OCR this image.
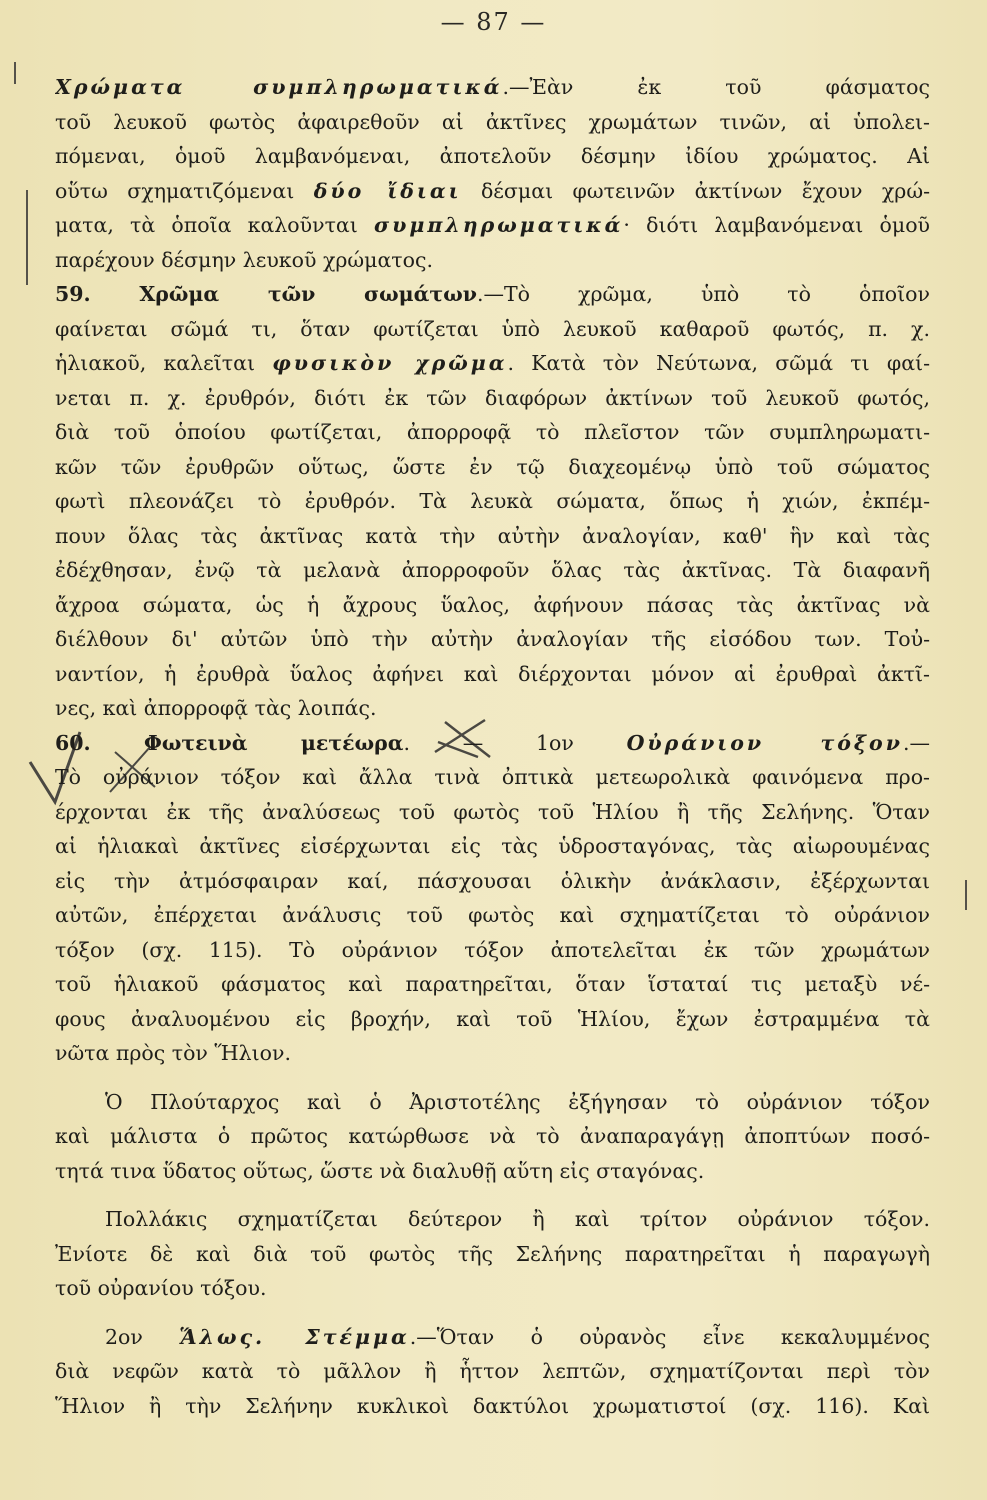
— 87 —
Χρώματα συμπληρωματικά.—Ἐὰν ἐκ τοῦ φάσματος
τοῦ λευκοῦ φωτὸς ἀφαιρεθοῦν αἱ ἀκτῖνες χρωμάτων τινῶν, αἱ ὑπολει-
πόμεναι, ὁμοῦ λαμβανόμεναι, ἀποτελοῦν δέσμην ἰδίου χρώματος. Αἱ
οὕτω σχηματιζόμεναι δύο ἴδιαι δέσμαι φωτεινῶν ἀκτίνων ἔχουν χρώ-
ματα, τὰ ὁποῖα καλοῦνται συμπληρωματικά· διότι λαμβανόμεναι ὁμοῦ
παρέχουν δέσμην λευκοῦ χρώματος.
59. Χρῶμα τῶν σωμάτων.—Τὸ χρῶμα, ὑπὸ τὸ ὁποῖον
φαίνεται σῶμά τι, ὅταν φωτίζεται ὑπὸ λευκοῦ καθαροῦ φωτός, π. χ.
ἡλιακοῦ, καλεῖται φυσικὸν χρῶμα. Κατὰ τὸν Νεύτωνα, σῶμά τι φαί-
νεται π. χ. ἐρυθρόν, διότι ἐκ τῶν διαφόρων ἀκτίνων τοῦ λευκοῦ φωτός,
διὰ τοῦ ὁποίου φωτίζεται, ἀπορροφᾷ τὸ πλεῖστον τῶν συμπληρωματι-
κῶν τῶν ἐρυθρῶν οὕτως, ὥστε ἐν τῷ διαχεομένῳ ὑπὸ τοῦ σώματος
φωτὶ πλεονάζει τὸ ἐρυθρόν. Τὰ λευκὰ σώματα, ὅπως ἡ χιών, ἐκπέμ-
πουν ὅλας τὰς ἀκτῖνας κατὰ τὴν αὐτὴν ἀναλογίαν, καθ' ἣν καὶ τὰς
ἐδέχθησαν, ἐνῷ τὰ μελανὰ ἀπορροφοῦν ὅλας τὰς ἀκτῖνας. Τὰ διαφανῆ
ἄχροα σώματα, ὡς ἡ ἄχρους ὕαλος, ἀφήνουν πάσας τὰς ἀκτῖνας νὰ
διέλθουν δι' αὐτῶν ὑπὸ τὴν αὐτὴν ἀναλογίαν τῆς εἰσόδου των. Τοὐ-
ναντίον, ἡ ἐρυθρὰ ὕαλος ἀφήνει καὶ διέρχονται μόνον αἱ ἐρυθραὶ ἀκτῖ-
νες, καὶ ἀπορροφᾷ τὰς λοιπάς.
60. Φωτεινὰ μετέωρα. — 1ον Οὐράνιον τόξον.—
Τὸ οὐράνιον τόξον καὶ ἄλλα τινὰ ὀπτικὰ μετεωρολικὰ φαινόμενα προ-
έρχονται ἐκ τῆς ἀναλύσεως τοῦ φωτὸς τοῦ Ἡλίου ἢ τῆς Σελήνης. Ὅταν
αἱ ἡλιακαὶ ἀκτῖνες εἰσέρχωνται εἰς τὰς ὑδροσταγόνας, τὰς αἰωρουμένας
εἰς τὴν ἀτμόσφαιραν καί, πάσχουσαι ὁλικὴν ἀνάκλασιν, ἐξέρχωνται
αὐτῶν, ἐπέρχεται ἀνάλυσις τοῦ φωτὸς καὶ σχηματίζεται τὸ οὐράνιον
τόξον (σχ. 115). Τὸ οὐράνιον τόξον ἀποτελεῖται ἐκ τῶν χρωμάτων
τοῦ ἡλιακοῦ φάσματος καὶ παρατηρεῖται, ὅταν ἵσταταί τις μεταξὺ νέ-
φους ἀναλυομένου εἰς βροχήν, καὶ τοῦ Ἡλίου, ἔχων ἐστραμμένα τὰ
νῶτα πρὸς τὸν Ἥλιον.
Ὁ Πλούταρχος καὶ ὁ Ἀριστοτέλης ἐξήγησαν τὸ οὐράνιον τόξον
καὶ μάλιστα ὁ πρῶτος κατώρθωσε νὰ τὸ ἀναπαραγάγῃ ἀποπτύων ποσό-
τητά τινα ὕδατος οὕτως, ὥστε νὰ διαλυθῇ αὕτη εἰς σταγόνας.
Πολλάκις σχηματίζεται δεύτερον ἢ καὶ τρίτον οὐράνιον τόξον.
Ἐνίοτε δὲ καὶ διὰ τοῦ φωτὸς τῆς Σελήνης παρατηρεῖται ἡ παραγωγὴ
τοῦ οὐρανίου τόξου.
2ον Ἅλως. Στέμμα.—Ὅταν ὁ οὐρανὸς εἶνε κεκαλυμμένος
διὰ νεφῶν κατὰ τὸ μᾶλλον ἢ ἧττον λεπτῶν, σχηματίζονται περὶ τὸν
Ἥλιον ἢ τὴν Σελήνην κυκλικοὶ δακτύλοι χρωματιστοί (σχ. 116). Καὶ
